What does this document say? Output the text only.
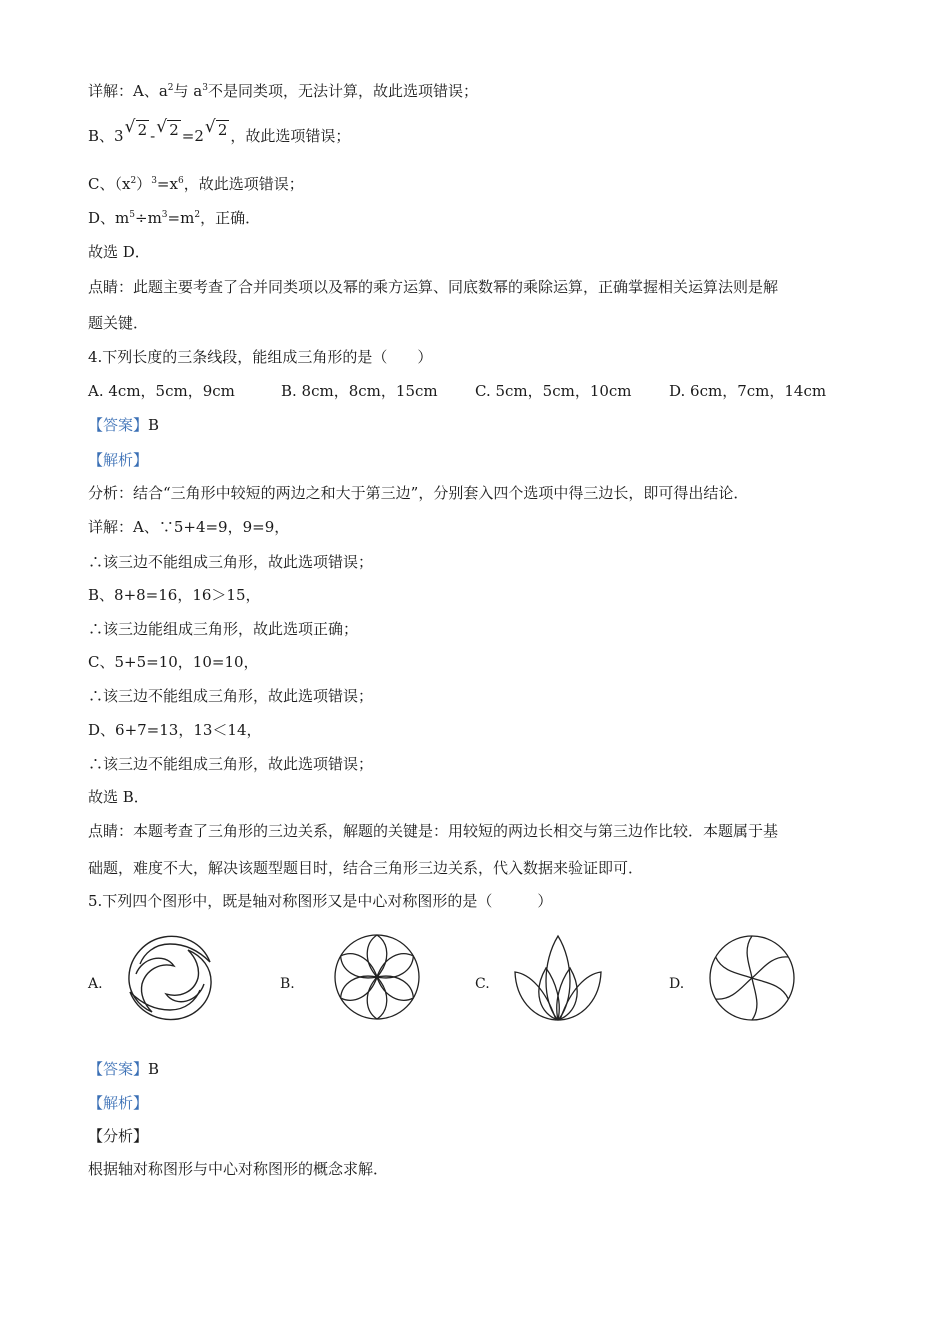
详解：A、$a^2$与 $a^3$不是同类项，无法计算，故此选项错误；
B、3 √ 2 - √ 2 =2 √ 2 ，故此选项错误；
C、$(x^2)^3=x^6$，故此选项错误；
D、$m^5\div m^3=m^2$，正确．
故选 D．
点睛：此题主要考查了合并同类项以及幂的乘方运算、同底数幂的乘除运算，正确掌握相关运算法则是解
题关键．
4.下列长度的三条线段，能组成三角形的是（　　）
A. 4cm，5cm，9cm	B. 8cm，8cm，15cm C. 5cm，5cm，10cm D. 6cm，7cm，14cm
【答案】B
【解析】
分析：结合“三角形中较短的两边之和大于第三边”，分别套入四个选项中得三边长，即可得出结论．
详解：A、∵5+4=9，9=9，
∴该三边不能组成三角形，故此选项错误；
B、8+8=16，16＞15，
∴该三边能组成三角形，故此选项正确；
C、5+5=10，10=10，
∴该三边不能组成三角形，故此选项错误；
D、6+7=13，13＜14，
∴该三边不能组成三角形，故此选项错误；
故选 B．
点睛：本题考查了三角形的三边关系，解题的关键是：用较短的两边长相交与第三边作比较．本题属于基
础题，难度不大，解决该题型题目时，结合三角形三边关系，代入数据来验证即可．
5.下列四个图形中，既是轴对称图形又是中心对称图形的是（　　　）
A.	B.	C.	D.
【答案】B
【解析】
【分析】
根据轴对称图形与中心对称图形的概念求解．
